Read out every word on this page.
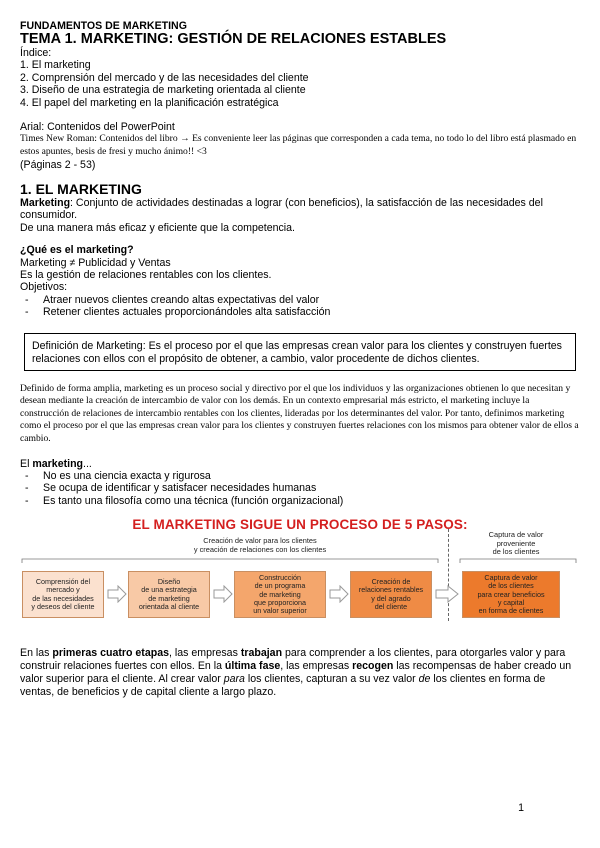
FUNDAMENTOS DE MARKETING
TEMA 1. MARKETING: GESTIÓN DE RELACIONES ESTABLES
Índice:
1. El marketing
2. Comprensión del mercado y de las necesidades del cliente
3. Diseño de una estrategia de marketing orientada al cliente
4. El papel del marketing en la planificación estratégica
Arial: Contenidos del PowerPoint
Times New Roman: Contenidos del libro → Es conveniente leer las páginas que corresponden a cada tema, no todo lo del libro está plasmado en estos apuntes, besis de fresi y mucho ánimo!! <3
(Páginas 2 - 53)
1. EL MARKETING

Marketing: Conjunto de actividades destinadas a lograr (con beneficios), la satisfacción de las necesidades del consumidor.

De una manera más eficaz y eficiente que la competencia.

¿Qué es el marketing?

Marketing ≠ Publicidad y Ventas

Es la gestión de relaciones rentables con los clientes.

Objetivos:

- Atraer nuevos clientes creando altas expectativas del valor
- Retener clientes actuales proporcionándoles alta satisfacción
Definición de Marketing: Es el proceso por el que las empresas crean valor para los clientes y construyen fuertes relaciones con ellos con el propósito de obtener, a cambio, valor procedente de dichos clientes.

Definido de forma amplia, marketing es un proceso social y directivo por el que los individuos y las organizaciones obtienen lo que necesitan y desean mediante la creación de intercambio de valor con los demás. En un contexto empresarial más estricto, el marketing incluye la construcción de relaciones de intercambio rentables con los clientes, lideradas por los determinantes del valor. Por tanto, definimos marketing como el proceso por el que las empresas crean valor para los clientes y construyen fuertes relaciones con los mismos para obtener valor de ellos a cambio.

El marketing...

- No es una ciencia exacta y rigurosa
- Se ocupa de identificar y satisfacer necesidades humanas
- Es tanto una filosofía como una técnica (función organizacional)
EL MARKETING SIGUE UN PROCESO DE 5 PASOS:
Creación de valor para los clientes
y creación de relaciones con los clientes
Captura de valor
proveniente
de los clientes
Comprensión del
mercado y
de las necesidades
y deseos del cliente
Diseño
de una estrategia
de marketing
orientada al cliente
Construcción
de un programa
de marketing
que proporciona
un valor superior
Creación de
relaciones rentables
y del agrado
del cliente
Captura de valor
de los clientes
para crear beneficios
y capital
en forma de clientes

En las primeras cuatro etapas, las empresas trabajan para comprender a los clientes, para otorgarles valor y para construir relaciones fuertes con ellos. En la última fase, las empresas recogen las recompensas de haber creado un valor superior para el cliente. Al crear valor para los clientes, capturan a su vez valor de los clientes en forma de ventas, de beneficios y de capital cliente a largo plazo.

1
